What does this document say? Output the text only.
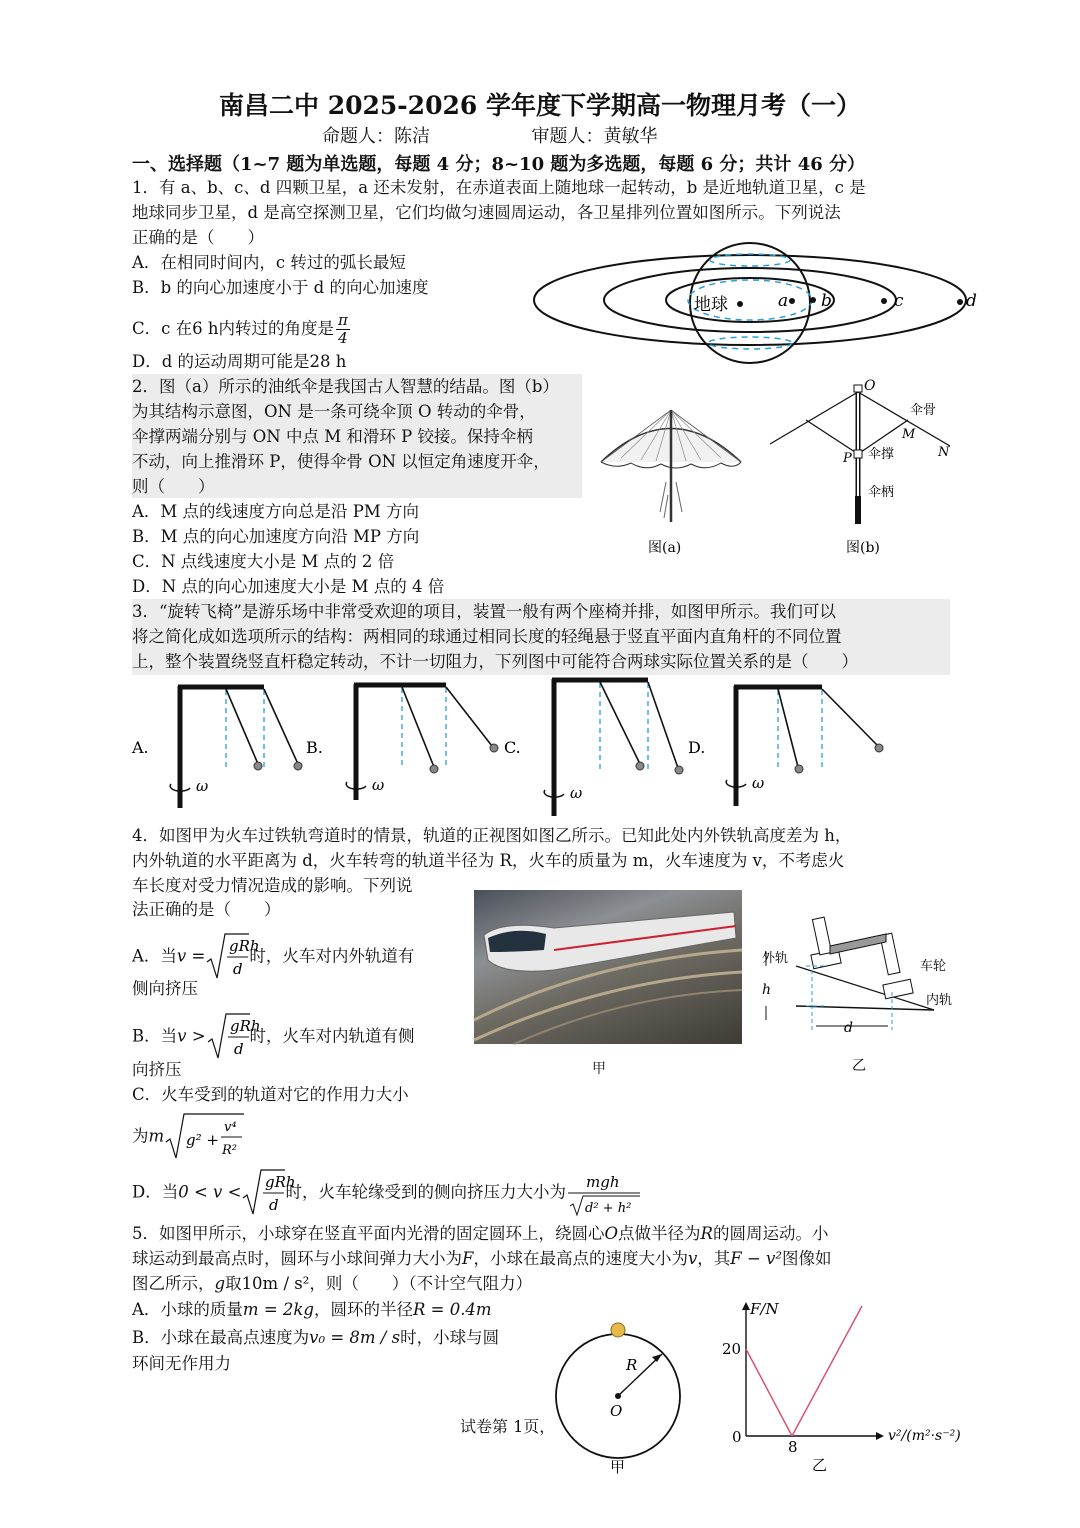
南昌二中 2025-2026 学年度下学期高一物理月考（一）
命题人：陈洁	审题人：黄敏华
一、选择题（1~7 题为单选题，每题 4 分；8~10 题为多选题，每题 6 分；共计 46 分）
1．有 a、b、c、d 四颗卫星，a 还未发射，在赤道表面上随地球一起转动，b 是近地轨道卫星，c 是
地球同步卫星，d 是高空探测卫星，它们均做匀速圆周运动，各卫星排列位置如图所示。下列说法
正确的是（　　）
A．在相同时间内，c 转过的弧长最短
B．b 的向心加速度小于 d 的向心加速度
C．c 在6 h内转过的角度是 $\frac{\pi}{4}$
D．d 的运动周期可能是28 h
地球	a b	c	d
2．图（a）所示的油纸伞是我国古人智慧的结晶。图（b）
为其结构示意图，ON 是一条可绕伞顶 O 转动的伞骨，
伞撑两端分别与 ON 中点 M 和滑环 P 铰接。保持伞柄
不动，向上推滑环 P，使得伞骨 ON 以恒定角速度开伞，
则（　　）
A．M 点的线速度方向总是沿 PM 方向
B．M 点的向心加速度方向沿 MP 方向
C．N 点线速度大小是 M 点的 2 倍
D．N 点的向心加速度大小是 M 点的 4 倍
图(a)
O
伞骨
M
N
P 伞撑
伞柄
图(b)
3．“旋转飞椅”是游乐场中非常受欢迎的项目，装置一般有两个座椅并排，如图甲所示。我们可以
将之简化成如选项所示的结构：两相同的球通过相同长度的轻绳悬于竖直平面内直角杆的不同位置
上，整个装置绕竖直杆稳定转动，不计一切阻力，下列图中可能符合两球实际位置关系的是（　　）
A.
ω
B.
ω
C.
ω
D.
ω
4．如图甲为火车过铁轨弯道时的情景，轨道的正视图如图乙所示。已知此处内外铁轨高度差为 h，
内外轨道的水平距离为 d，火车转弯的轨道半径为 R，火车的质量为 m，火车速度为 v，不考虑火
车长度对受力情况造成的影响。下列说
法正确的是（　　）
A．当v =
gRh
d
时，火车对内外轨道有
侧向挤压
B．当v >
gRh
d
时，火车对内轨道有侧
向挤压
C．火车受到的轨道对它的作用力大小
为m g² +
v⁴
R²
D．当0 < v <
gRh
d
时，火车轮缘受到的侧向挤压力大小为
mgh
d² + h²
甲
外轨
h
车轮
内轨
d
乙
5．如图甲所示，小球穿在竖直平面内光滑的固定圆环上，绕圆心O点做半径为R的圆周运动。小
球运动到最高点时，圆环与小球间弹力大小为F，小球在最高点的速度大小为v，其F − v²图像如
图乙所示，g取10m / s²，则（　　）（不计空气阻力）
A．小球的质量m = 2kg，圆环的半径R = 0.4m
B．小球在最高点速度为v₀ = 8m / s时，小球与圆
环间无作用力	R
O
甲
F/N
20
0
8
v²/(m²·s⁻²)
乙
试卷第 1页，
